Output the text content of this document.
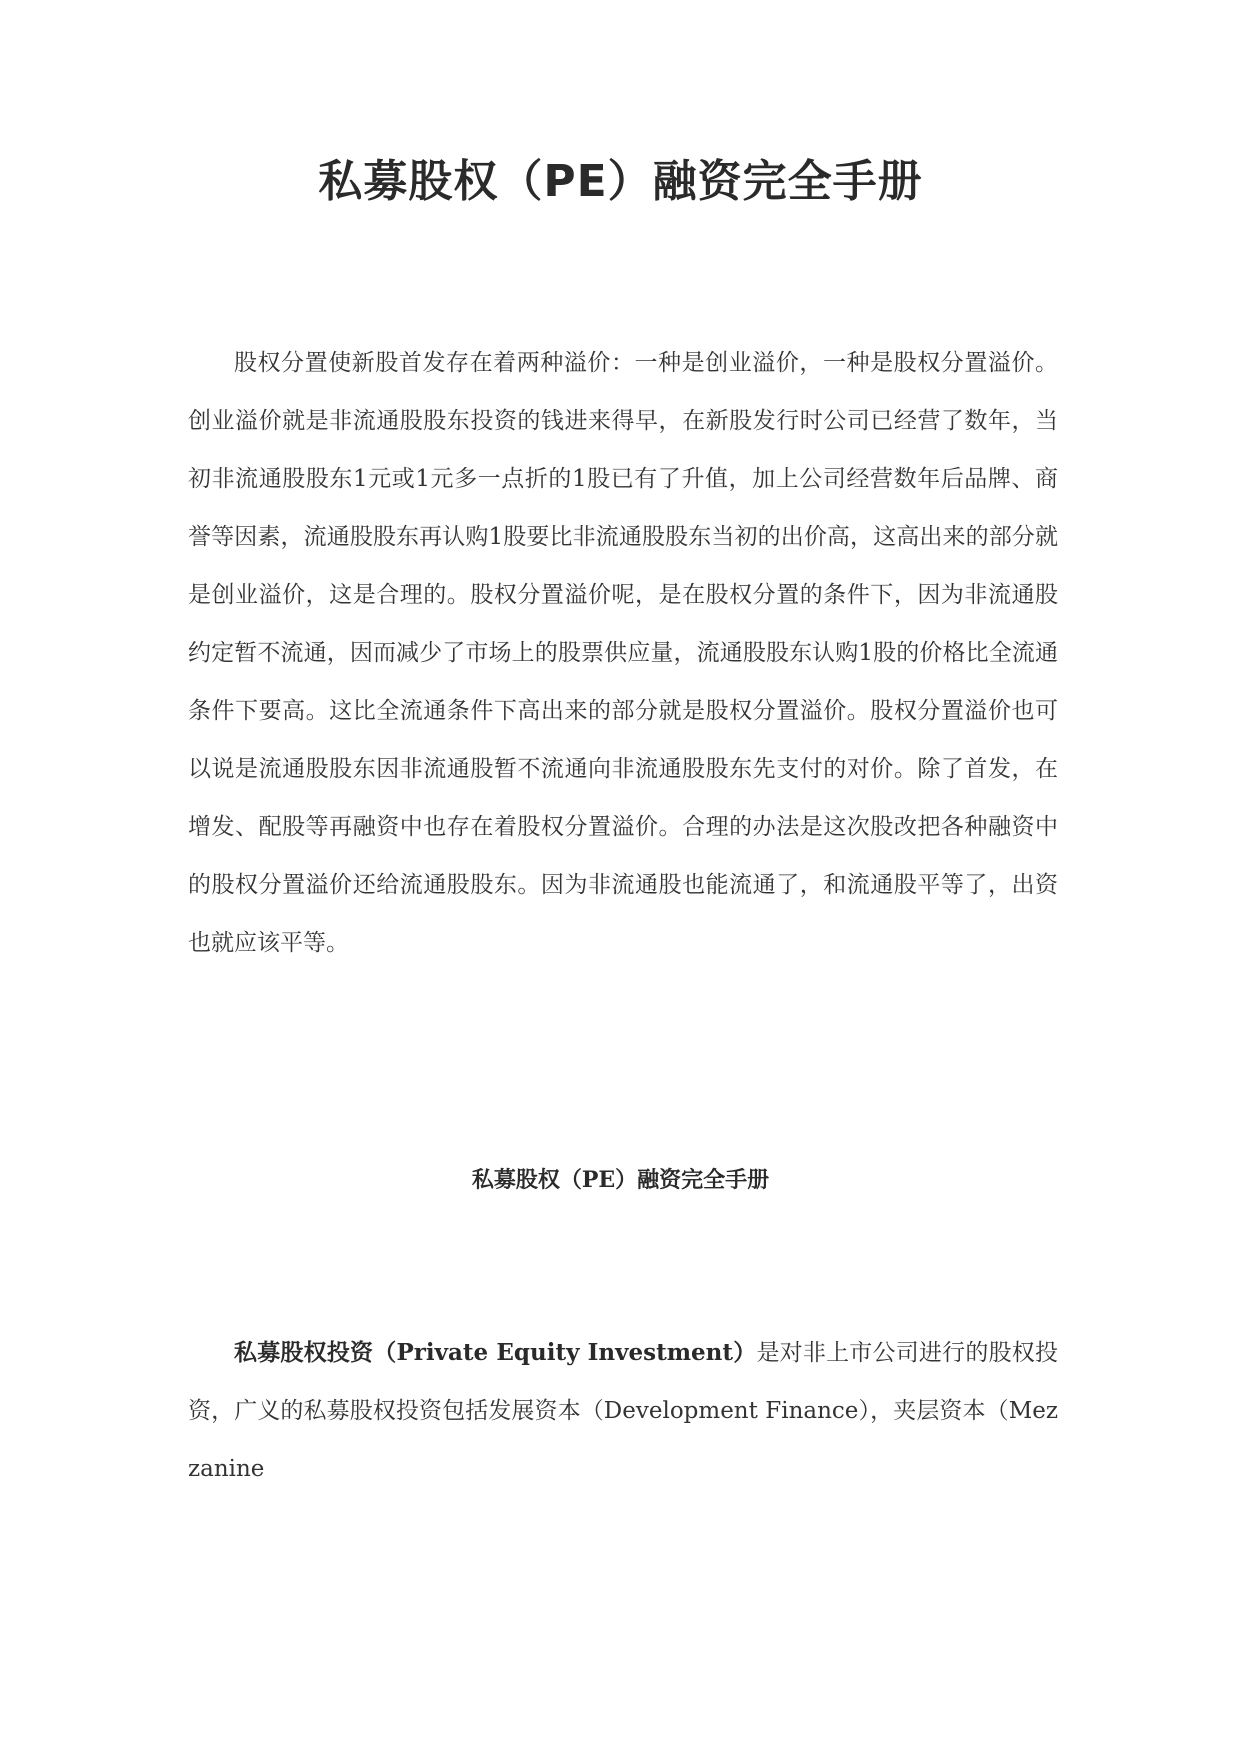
私募股权（PE）融资完全手册

股权分置使新股首发存在着两种溢价：一种是创业溢价，一种是股权分置溢价。创业溢价就是非流通股股东投资的钱进来得早，在新股发行时公司已经营了数年，当初非流通股股东1元或1元多一点折的1股已有了升值，加上公司经营数年后品牌、商誉等因素，流通股股东再认购1股要比非流通股股东当初的出价高，这高出来的部分就是创业溢价，这是合理的。股权分置溢价呢，是在股权分置的条件下，因为非流通股约定暂不流通，因而减少了市场上的股票供应量，流通股股东认购1股的价格比全流通条件下要高。这比全流通条件下高出来的部分就是股权分置溢价。股权分置溢价也可以说是流通股股东因非流通股暂不流通向非流通股股东先支付的对价。除了首发，在增发、配股等再融资中也存在着股权分置溢价。合理的办法是这次股改把各种融资中的股权分置溢价还给流通股股东。因为非流通股也能流通了，和流通股平等了，出资也就应该平等。

私募股权（PE）融资完全手册

私募股权投资（Private Equity Investment）是对非上市公司进行的股权投资，广义的私募股权投资包括发展资本（Development Finance），夹层资本（Mezzanine
